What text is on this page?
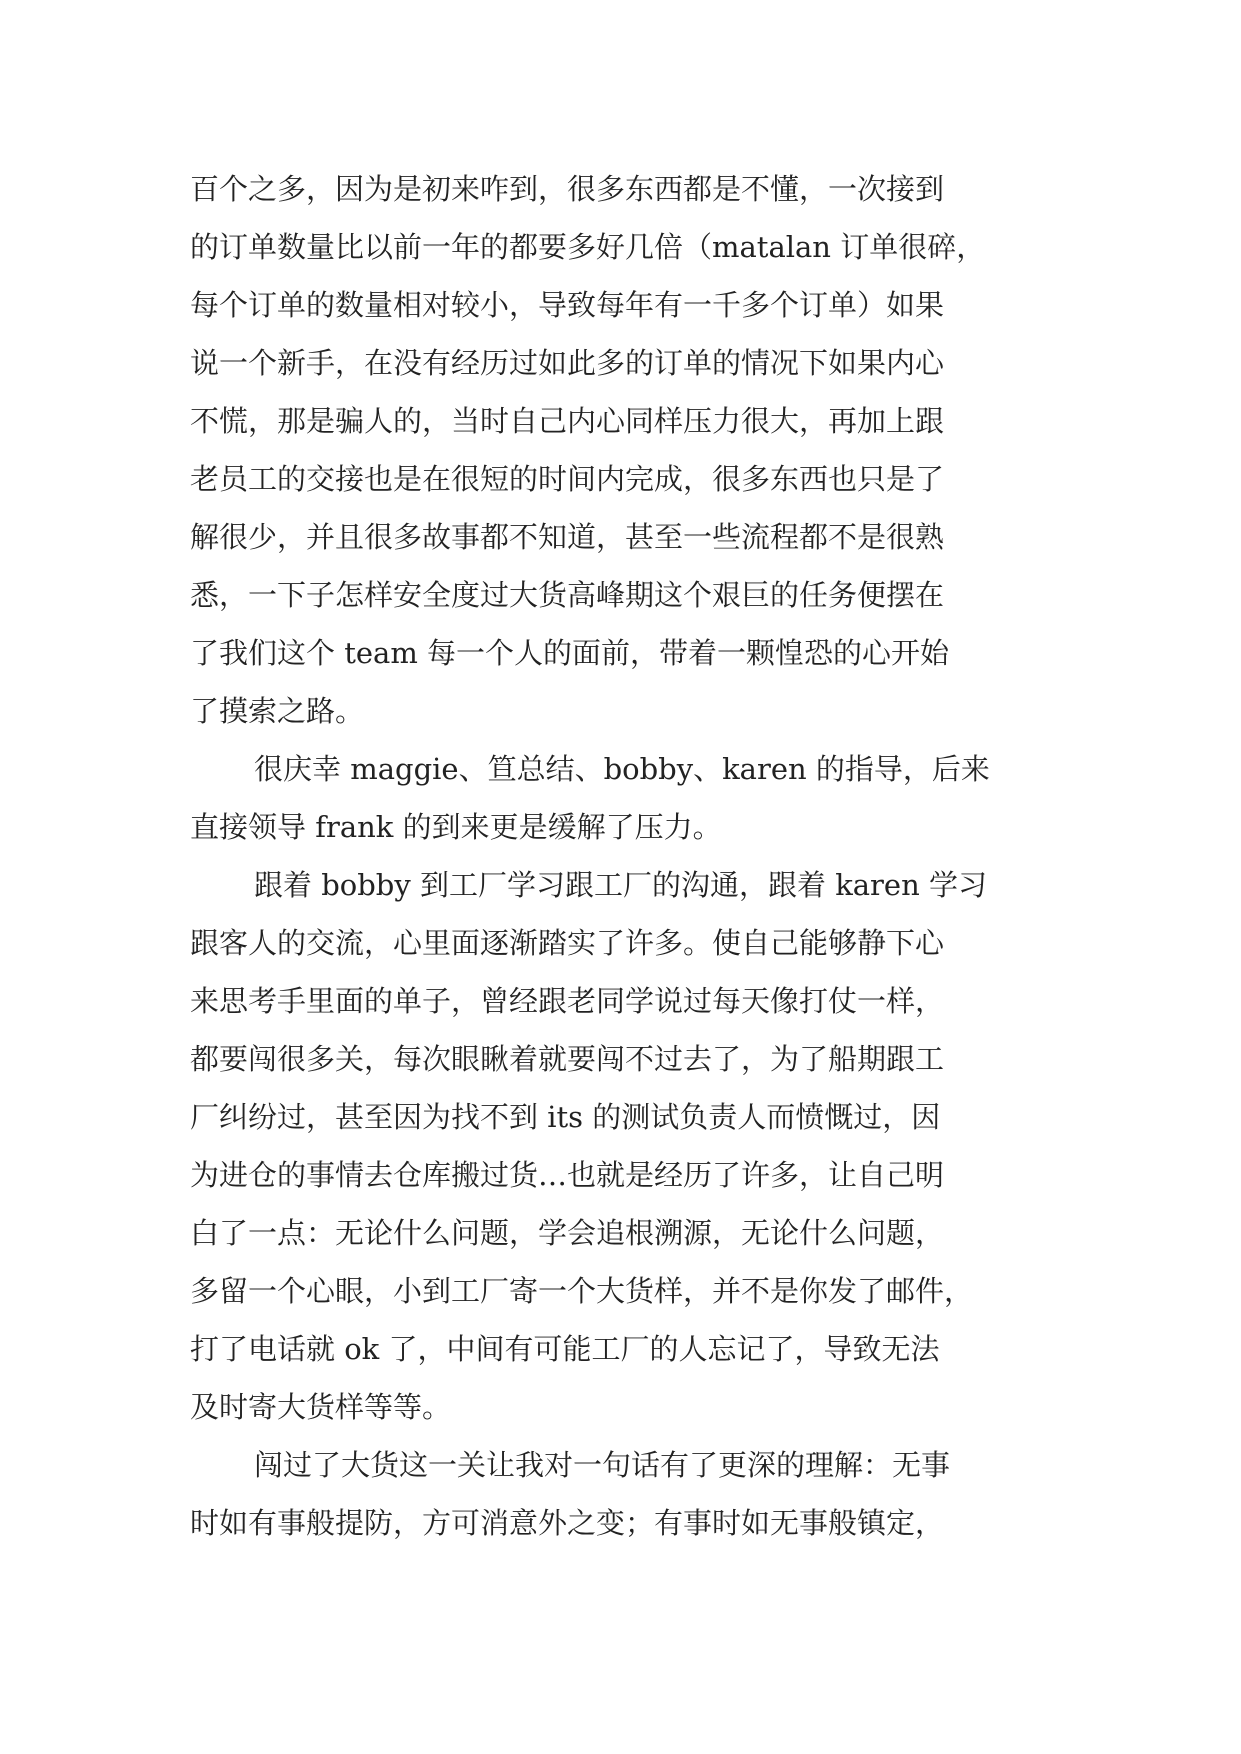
百个之多，因为是初来咋到，很多东西都是不懂，一次接到
的订单数量比以前一年的都要多好几倍（matalan 订单很碎，
每个订单的数量相对较小，导致每年有一千多个订单）如果
说一个新手，在没有经历过如此多的订单的情况下如果内心
不慌，那是骗人的，当时自己内心同样压力很大，再加上跟
老员工的交接也是在很短的时间内完成，很多东西也只是了
解很少，并且很多故事都不知道，甚至一些流程都不是很熟
悉，一下子怎样安全度过大货高峰期这个艰巨的任务便摆在
了我们这个 team 每一个人的面前，带着一颗惶恐的心开始
了摸索之路。
很庆幸 maggie、笪总结、bobby、karen 的指导，后来
直接领导 frank 的到来更是缓解了压力。
跟着 bobby 到工厂学习跟工厂的沟通，跟着 karen 学习
跟客人的交流，心里面逐渐踏实了许多。使自己能够静下心
来思考手里面的单子，曾经跟老同学说过每天像打仗一样，
都要闯很多关，每次眼瞅着就要闯不过去了，为了船期跟工
厂纠纷过，甚至因为找不到 its 的测试负责人而愤慨过，因
为进仓的事情去仓库搬过货…也就是经历了许多，让自己明
白了一点：无论什么问题，学会追根溯源，无论什么问题，
多留一个心眼，小到工厂寄一个大货样，并不是你发了邮件，
打了电话就 ok 了，中间有可能工厂的人忘记了，导致无法
及时寄大货样等等。
闯过了大货这一关让我对一句话有了更深的理解：无事
时如有事般提防，方可消意外之变；有事时如无事般镇定，
